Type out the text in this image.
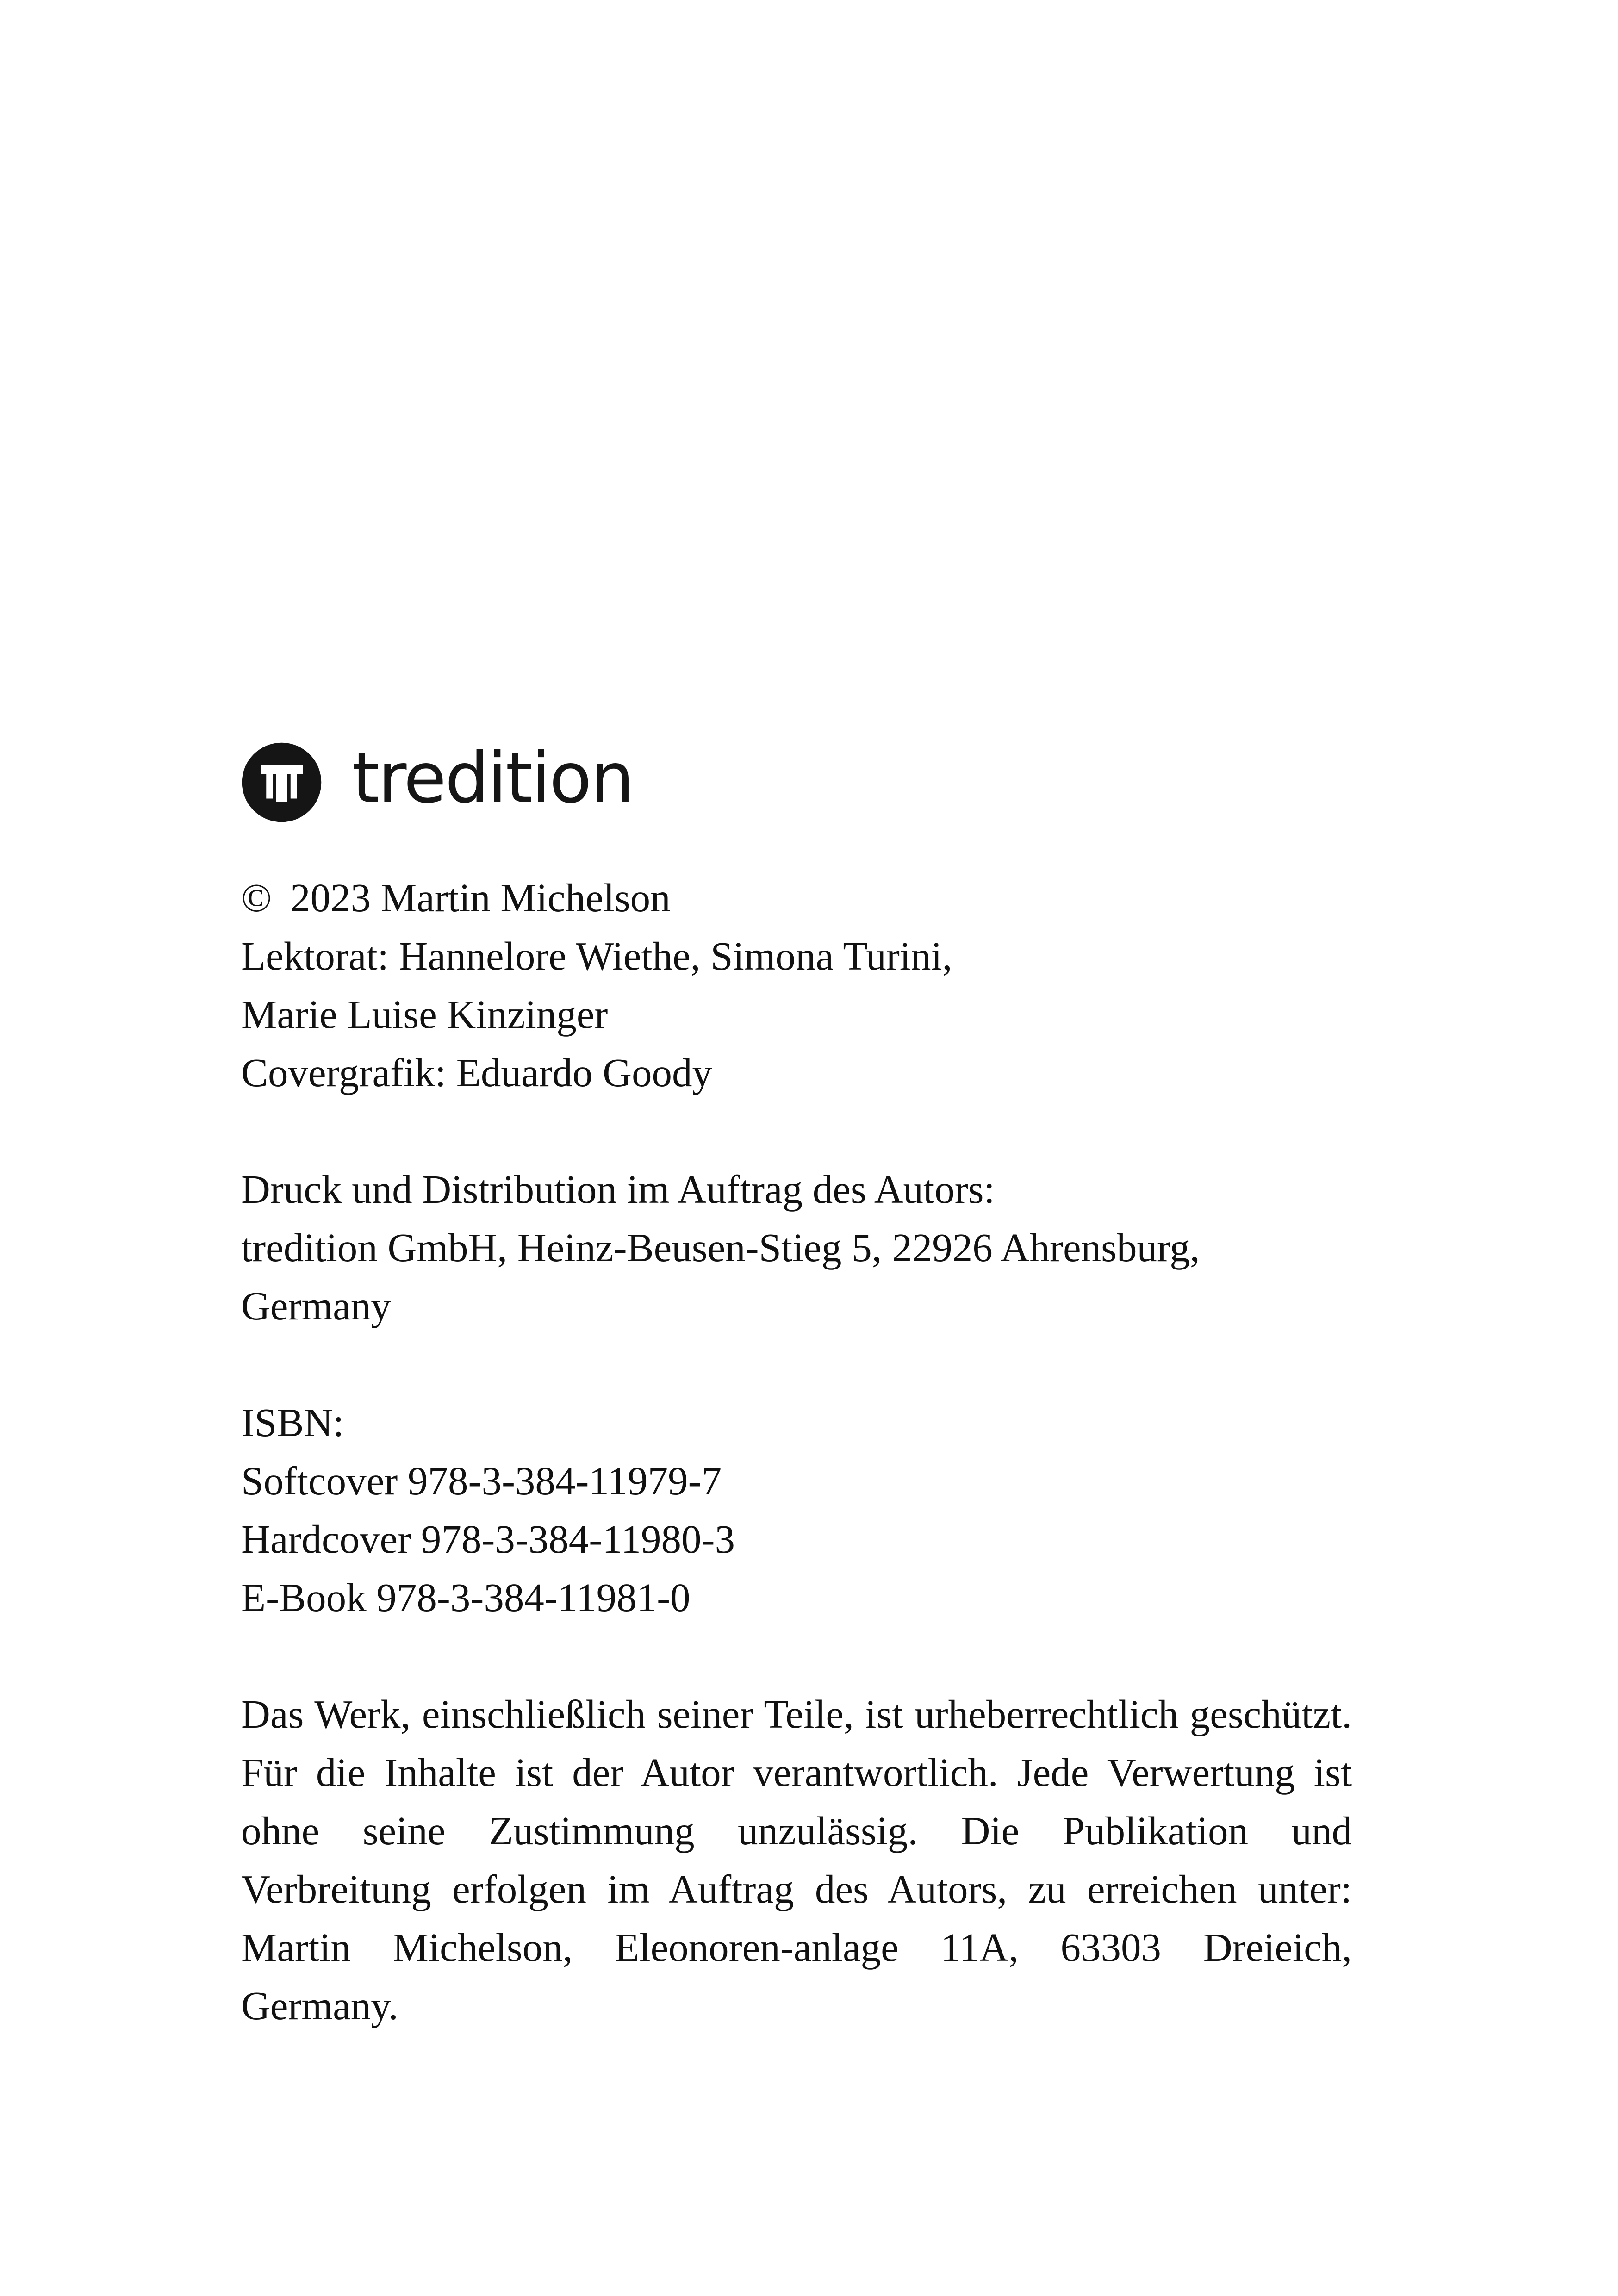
tredition
© 2023 Martin Michelson
Lektorat: Hannelore Wiethe, Simona Turini,
Marie Luise Kinzinger
Covergrafik: Eduardo Goody
Druck und Distribution im Auftrag des Autors:
tredition GmbH, Heinz-Beusen-Stieg 5, 22926 Ahrensburg,
Germany
ISBN:
Softcover 978-3-384-11979-7
Hardcover 978-3-384-11980-3
E-Book 978-3-384-11981-0

Das Werk, einschließlich seiner Teile, ist urheberrechtlich geschützt. Für die Inhalte ist der Autor verantwortlich. Jede Verwertung ist ohne seine Zustimmung unzulässig. Die Publikation und Verbreitung erfolgen im Auftrag des Autors, zu erreichen unter: Martin Michelson, Eleonoren-anlage 11A, 63303 Dreieich, Germany.
